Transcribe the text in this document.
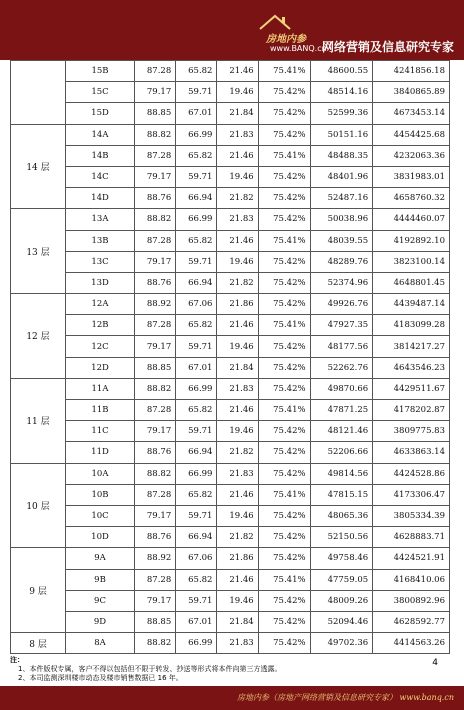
房地内参
www.BANQ.cn
网络营销及信息研究专家
	15B	87.28	65.82	21.46	75.41%	48600.55	4241856.18
	15C	79.17	59.71	19.46	75.42%	48514.16	3840865.89
	15D	88.85	67.01	21.84	75.42%	52599.36	4673453.14
14 层	14A	88.82	66.99	21.83	75.42%	50151.16	4454425.68
	14B	87.28	65.82	21.46	75.41%	48488.35	4232063.36
	14C	79.17	59.71	19.46	75.42%	48401.96	3831983.01
	14D	88.76	66.94	21.82	75.42%	52487.16	4658760.32
13 层	13A	88.82	66.99	21.83	75.42%	50038.96	4444460.07
	13B	87.28	65.82	21.46	75.41%	48039.55	4192892.10
	13C	79.17	59.71	19.46	75.42%	48289.76	3823100.14
	13D	88.76	66.94	21.82	75.42%	52374.96	4648801.45
12 层	12A	88.92	67.06	21.86	75.42%	49926.76	4439487.14
	12B	87.28	65.82	21.46	75.41%	47927.35	4183099.28
	12C	79.17	59.71	19.46	75.42%	48177.56	3814217.27
	12D	88.85	67.01	21.84	75.42%	52262.76	4643546.23
11 层	11A	88.82	66.99	21.83	75.42%	49870.66	4429511.67
	11B	87.28	65.82	21.46	75.41%	47871.25	4178202.87
	11C	79.17	59.71	19.46	75.42%	48121.46	3809775.83
	11D	88.76	66.94	21.82	75.42%	52206.66	4633863.14
10 层	10A	88.82	66.99	21.83	75.42%	49814.56	4424528.86
	10B	87.28	65.82	21.46	75.41%	47815.15	4173306.47
	10C	79.17	59.71	19.46	75.42%	48065.36	3805334.39
	10D	88.76	66.94	21.82	75.42%	52150.56	4628883.71
9 层	9A	88.92	67.06	21.86	75.42%	49758.46	4424521.91
	9B	87.28	65.82	21.46	75.41%	47759.05	4168410.06
	9C	79.17	59.71	19.46	75.42%	48009.26	3800892.96
	9D	88.85	67.01	21.84	75.42%	52094.46	4628592.77
8 层	8A	88.82	66.99	21.83	75.42%	49702.36	4414563.26
注：
1、本件版权专属，客户不得以包括但不限于转发、抄送等形式将本件向第三方透露。
2、本司监测深圳楼市动态及楼市销售数据已 16 年。
4
房地内参（房地产网络营销及信息研究专家） www.banq.cn
